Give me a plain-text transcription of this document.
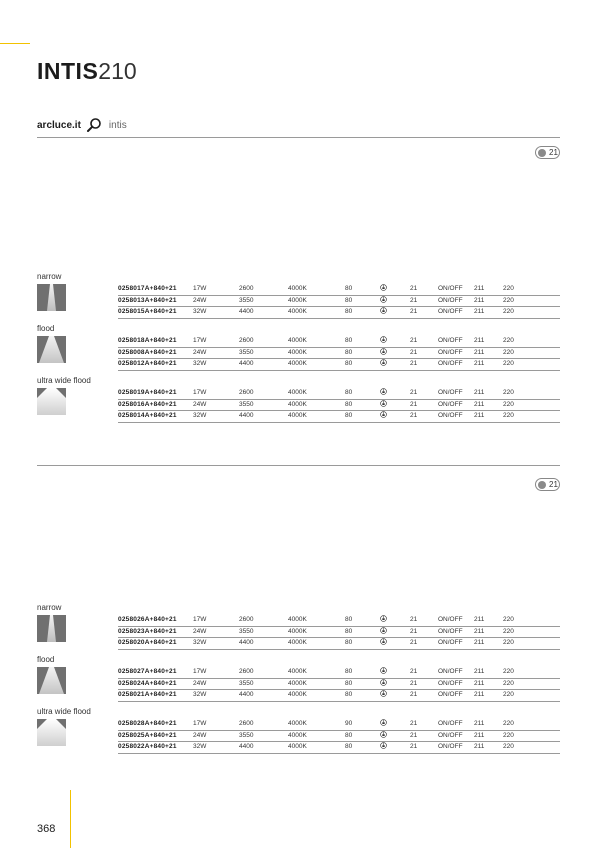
INTIS210
arcluce.it	intis
21
narrow
0258017A+840+21	17W	2600	4000K	80	21	ON/OFF 211	220
0258013A+840+21	24W	3550	4000K	80	21	ON/OFF 211	220
0258015A+840+21	32W	4400	4000K	80	21	ON/OFF 211	220
flood
0258018A+840+21	17W	2600	4000K	80	21	ON/OFF 211	220
0258008A+840+21	24W	3550	4000K	80	21	ON/OFF 211	220
0258012A+840+21	32W	4400	4000K	80	21	ON/OFF 211	220
ultra wide flood
0258019A+840+21	17W	2600	4000K	80	21	ON/OFF 211	220
0258016A+840+21	24W	3550	4000K	80	21	ON/OFF 211	220
0258014A+840+21	32W	4400	4000K	80	21	ON/OFF 211	220
21
narrow
0258026A+840+21	17W	2600	4000K	80	21	ON/OFF 211	220
0258023A+840+21	24W	3550	4000K	80	21	ON/OFF 211	220
0258020A+840+21	32W	4400	4000K	80	21	ON/OFF 211	220
flood
0258027A+840+21	17W	2600	4000K	80	21	ON/OFF 211	220
0258024A+840+21	24W	3550	4000K	80	21	ON/OFF 211	220
0258021A+840+21	32W	4400	4000K	80	21	ON/OFF 211	220
ultra wide flood
0258028A+840+21	17W	2600	4000K	90	21	ON/OFF 211	220
0258025A+840+21	24W	3550	4000K	80	21	ON/OFF 211	220
0258022A+840+21	32W	4400	4000K	80	21	ON/OFF 211	220
368
